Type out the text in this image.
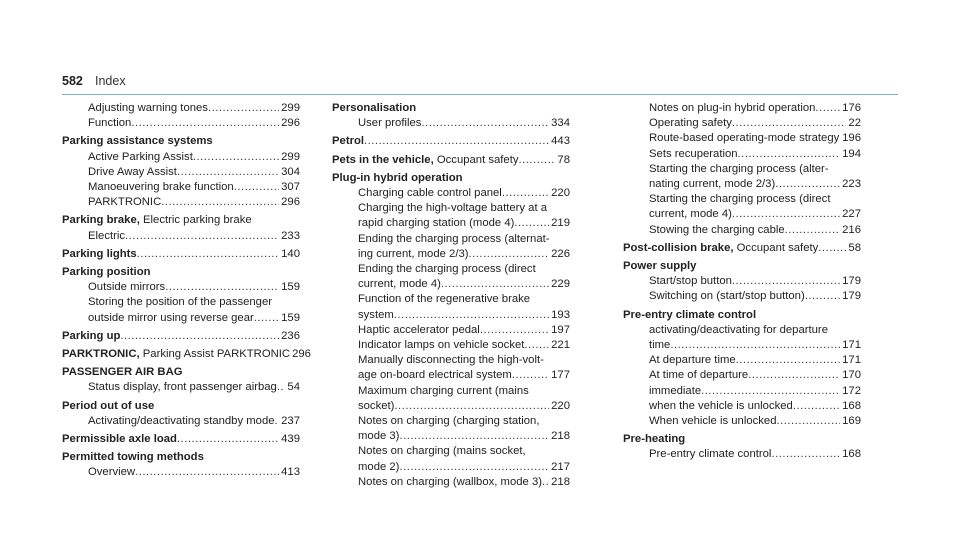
582 Index
Adjusting warning tones .....	299
Function .....	296
Parking assistance systems
Active Parking Assist .....	299
Drive Away Assist .....	304
Manoeuvering brake function .....	307
PARKTRONIC .....	296
Parking brake, Electric parking brake
Electric .....	233
Parking lights .....	140
Parking position
Outside mirrors .....	159
Storing the position of the passenger
outside mirror using reverse gear ..... 159
Parking up .....	236
PARKTRONIC, Parking Assist PARKTRONIC 296
PASSENGER AIR BAG
Status display, front passenger airbag ..... 54
Period out of use
Activating/deactivating standby mode ..... 237
Permissible axle load .....	439
Permitted towing methods
Overview .....	413
Personalisation
User profiles .....	334
Petrol .....	443
Pets in the vehicle, Occupant safety .....	78
Plug-in hybrid operation
Charging cable control panel .....	220
Charging the high-voltage battery at a
rapid charging station (mode 4) .....	219
Ending the charging process (alternat-
ing current, mode 2/3) .....	226
Ending the charging process (direct
current, mode 4) .....	229
Function of the regenerative brake
system .....	193
Haptic accelerator pedal .....	197
Indicator lamps on vehicle socket ..... 221
Manually disconnecting the high-volt-
age on-board electrical system .....	177
Maximum charging current (mains
socket) .....	220
Notes on charging (charging station,
mode 3) .....	218
Notes on charging (mains socket,
mode 2) .....	217
Notes on charging (wallbox, mode 3) ..... 218
Notes on plug-in hybrid operation ..... 176
Operating safety .....	22
Route-based operating-mode strategy ..... 196
Sets recuperation .....	194
Starting the charging process (alter-
nating current, mode 2/3) .....	223
Starting the charging process (direct
current, mode 4) .....	227
Stowing the charging cable .....	216
Post-collision brake, Occupant safety .....	58
Power supply
Start/stop button .....	179
Switching on (start/stop button) .....	179
Pre-entry climate control
activating/deactivating for departure
time .....	171
At departure time .....	171
At time of departure .....	170
immediate .....	172
when the vehicle is unlocked .....	168
When vehicle is unlocked .....	169
Pre-heating
Pre-entry climate control .....	168
